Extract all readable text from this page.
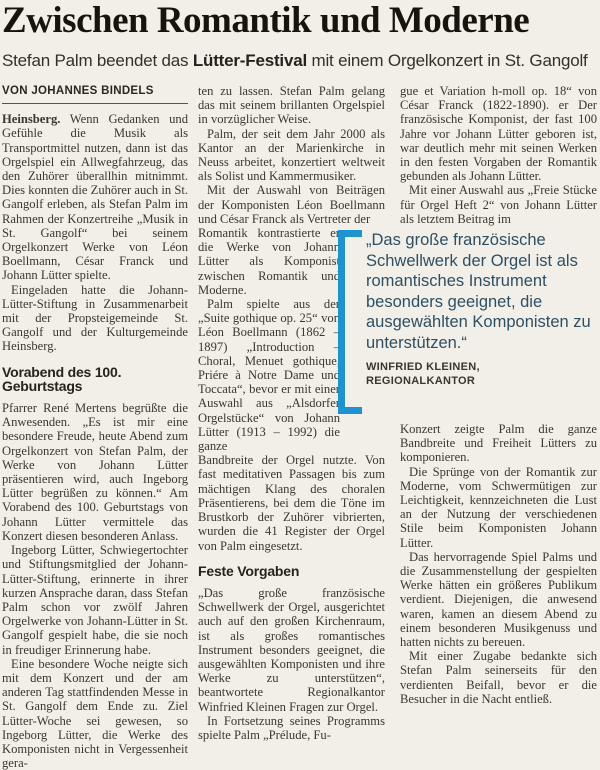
Zwischen Romantik und Moderne

Stefan Palm beendet das Lütter-Festival mit einem Orgelkonzert in St. Gangolf

VON JOHANNES BINDELS

Heinsberg. Wenn Gedanken und Gefühle die Musik als Transportmittel nutzen, dann ist das Orgelspiel ein Allwegfahrzeug, das den Zuhörer überallhin mitnimmt. Dies konnten die Zuhörer auch in St. Gangolf erleben, als Stefan Palm im Rahmen der Konzertreihe „Musik in St. Gangolf“ bei seinem Orgelkonzert Werke von Léon Boellmann, César Franck und Johann Lütter spielte.

Eingeladen hatte die Johann-Lütter-Stiftung in Zusammenarbeit mit der Propsteigemeinde St. Gangolf und der Kulturgemeinde Heinsberg.

Vorabend des 100. Geburtstags

Pfarrer René Mertens begrüßte die Anwesenden. „Es ist mir eine besondere Freude, heute Abend zum Orgelkonzert von Stefan Palm, der Werke von Johann Lütter präsentieren wird, auch Ingeborg Lütter begrüßen zu können.“ Am Vorabend des 100. Geburtstags von Johann Lütter vermittele das Konzert diesen besonderen Anlass.

Ingeborg Lütter, Schwiegertochter und Stiftungsmitglied der Johann-Lütter-Stiftung, erinnerte in ihrer kurzen Ansprache daran, dass Stefan Palm schon vor zwölf Jahren Orgelwerke von Johann-Lütter in St. Gangolf gespielt habe, die sie noch in freudiger Erinnerung habe.

Eine besondere Woche neigte sich mit dem Konzert und der am anderen Tag stattfindenden Messe in St. Gangolf dem Ende zu. Ziel Lütter-Woche sei gewesen, so Ingeborg Lütter, die Werke des Komponisten nicht in Vergessenheit gera-

ten zu lassen. Stefan Palm gelang das mit seinem brillanten Orgelspiel in vorzüglicher Weise.

Palm, der seit dem Jahr 2000 als Kantor an der Marienkirche in Neuss arbeitet, konzertiert weltweit als Solist und Kammermusiker.

Mit der Auswahl von Beiträgen der Komponisten Léon Boellmann und César Franck als Vertreter der

Romantik kontrastierte er die Werke von Johann Lütter als Komponist zwischen Romantik und Moderne.

Palm spielte aus der „Suite gothique op. 25“ von Léon Boellmann (1862 – 1897) „Introduction – Choral, Menuet gothique, Priére à Notre Dame und Toccata“, bevor er mit einer Auswahl aus „Alsdorfer Orgelstücke“ von Johann Lütter (1913 – 1992) die ganze

Bandbreite der Orgel nutzte. Von fast meditativen Passagen bis zum mächtigen Klang des choralen Präsentierens, bei dem die Töne im Brustkorb der Zuhörer vibrierten, wurden die 41 Register der Orgel von Palm eingesetzt.

Feste Vorgaben

„Das große französische Schwellwerk der Orgel, ausgerichtet auch auf den großen Kirchenraum, ist als großes romantisches Instrument besonders geeignet, die ausgewählten Komponisten und ihre Werke zu unterstützen“, beantwortete Regionalkantor Winfried Kleinen Fragen zur Orgel.

In Fortsetzung seines Programms spielte Palm „Prélude, Fu-

gue et Variation h-moll op. 18“ von César Franck (1822-1890). er Der französische Komponist, der fast 100 Jahre vor Johann Lütter geboren ist, war deutlich mehr mit seinen Werken in den festen Vorgaben der Romantik gebunden als Johann Lütter.

Mit einer Auswahl aus „Freie Stücke für Orgel Heft 2“ von Johann Lütter als letztem Beitrag im

Konzert zeigte Palm die ganze Bandbreite und Freiheit Lütters zu komponieren.

Die Sprünge von der Romantik zur Moderne, vom Schwermütigen zur Leichtigkeit, kennzeichneten die Lust an der Nutzung der verschiedenen Stile beim Komponisten Johann Lütter.

Das hervorragende Spiel Palms und die Zusammenstellung der gespielten Werke hätten ein größeres Publikum verdient. Diejenigen, die anwesend waren, kamen an diesem Abend zu einem besonderen Musikgenuss und hatten nichts zu bereuen.

Mit einer Zugabe bedankte sich Stefan Palm seinerseits für den verdienten Beifall, bevor er die Besucher in die Nacht entließ.

„Das große französische Schwellwerk der Orgel ist als romantisches Instrument besonders geeignet, die ausgewählten Komponisten zu unterstützen.“
WINFRIED KLEINEN,
REGIONALKANTOR
